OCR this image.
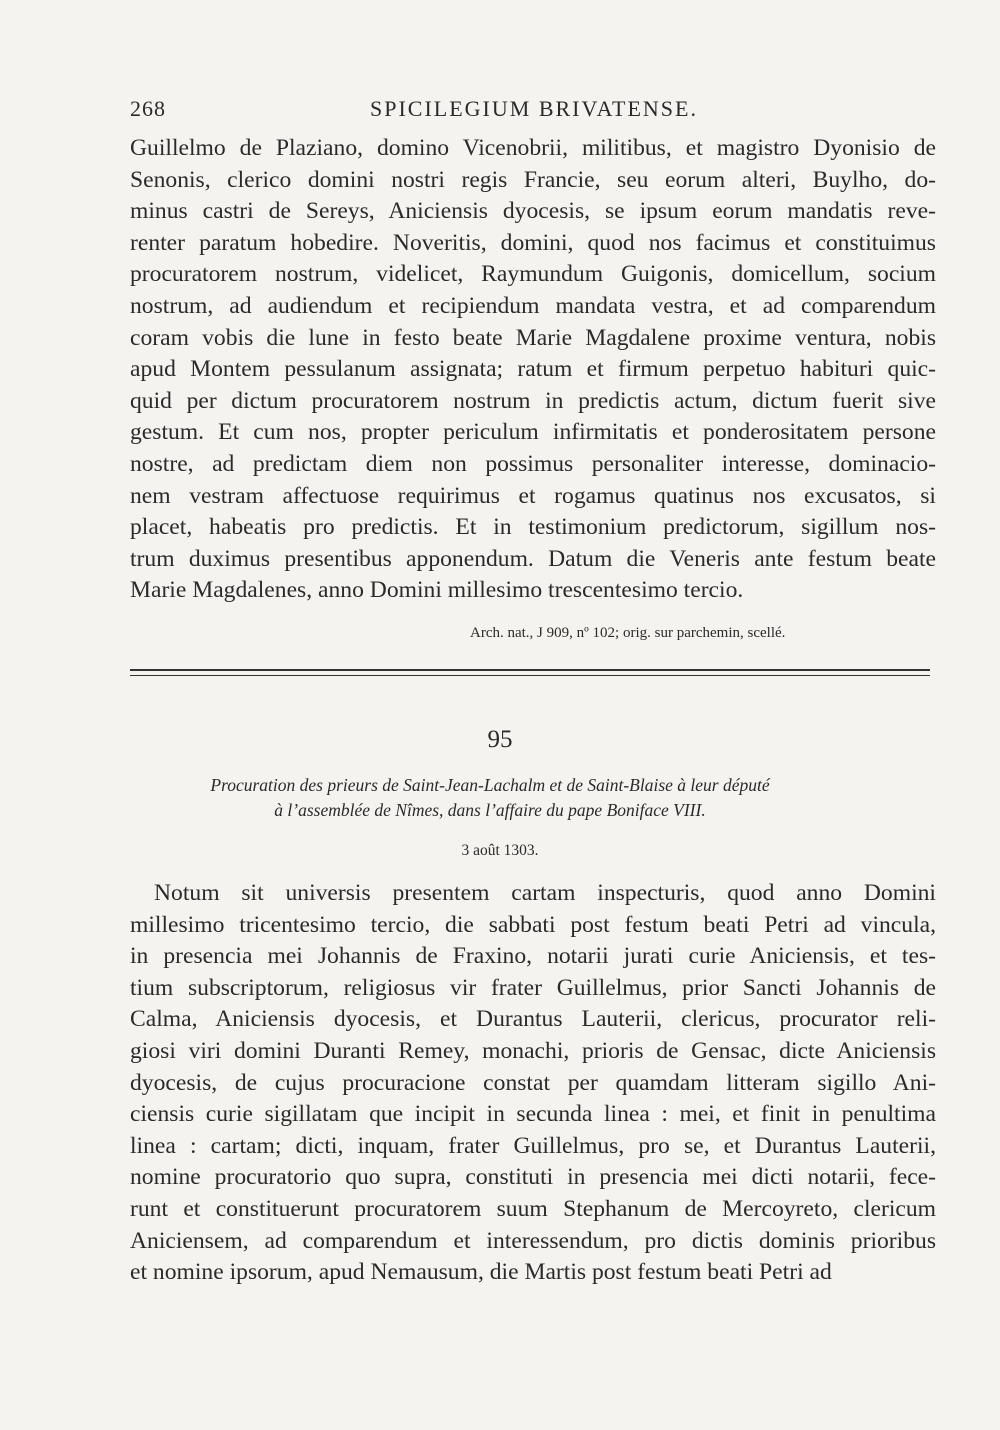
268	SPICILEGIUM BRIVATENSE.
Guillelmo de Plaziano, domino Vicenobrii, militibus, et magistro Dyonisio de
Senonis, clerico domini nostri regis Francie, seu eorum alteri, Buylho, do-
minus castri de Sereys, Aniciensis dyocesis, se ipsum eorum mandatis reve-
renter paratum hobedire. Noveritis, domini, quod nos facimus et constituimus
procuratorem nostrum, videlicet, Raymundum Guigonis, domicellum, socium
nostrum, ad audiendum et recipiendum mandata vestra, et ad comparendum
coram vobis die lune in festo beate Marie Magdalene proxime ventura, nobis
apud Montem pessulanum assignata; ratum et firmum perpetuo habituri quic-
quid per dictum procuratorem nostrum in predictis actum, dictum fuerit sive
gestum. Et cum nos, propter periculum infirmitatis et ponderositatem persone
nostre, ad predictam diem non possimus personaliter interesse, dominacio-
nem vestram affectuose requirimus et rogamus quatinus nos excusatos, si
placet, habeatis pro predictis. Et in testimonium predictorum, sigillum nos-
trum duximus presentibus apponendum. Datum die Veneris ante festum beate
Marie Magdalenes, anno Domini millesimo trescentesimo tercio.
Arch. nat., J 909, nº 102; orig. sur parchemin, scellé.
95
Procuration des prieurs de Saint-Jean-Lachalm et de Saint-Blaise à leur député
à l’assemblée de Nîmes, dans l’affaire du pape Boniface VIII.
3 août 1303.
Notum sit universis presentem cartam inspecturis, quod anno Domini
millesimo tricentesimo tercio, die sabbati post festum beati Petri ad vincula,
in presencia mei Johannis de Fraxino, notarii jurati curie Aniciensis, et tes-
tium subscriptorum, religiosus vir frater Guillelmus, prior Sancti Johannis de
Calma, Aniciensis dyocesis, et Durantus Lauterii, clericus, procurator reli-
giosi viri domini Duranti Remey, monachi, prioris de Gensac, dicte Aniciensis
dyocesis, de cujus procuracione constat per quamdam litteram sigillo Ani-
ciensis curie sigillatam que incipit in secunda linea : mei, et finit in penultima
linea : cartam; dicti, inquam, frater Guillelmus, pro se, et Durantus Lauterii,
nomine procuratorio quo supra, constituti in presencia mei dicti notarii, fece-
runt et constituerunt procuratorem suum Stephanum de Mercoyreto, clericum
Aniciensem, ad comparendum et interessendum, pro dictis dominis prioribus
et nomine ipsorum, apud Nemausum, die Martis post festum beati Petri ad
